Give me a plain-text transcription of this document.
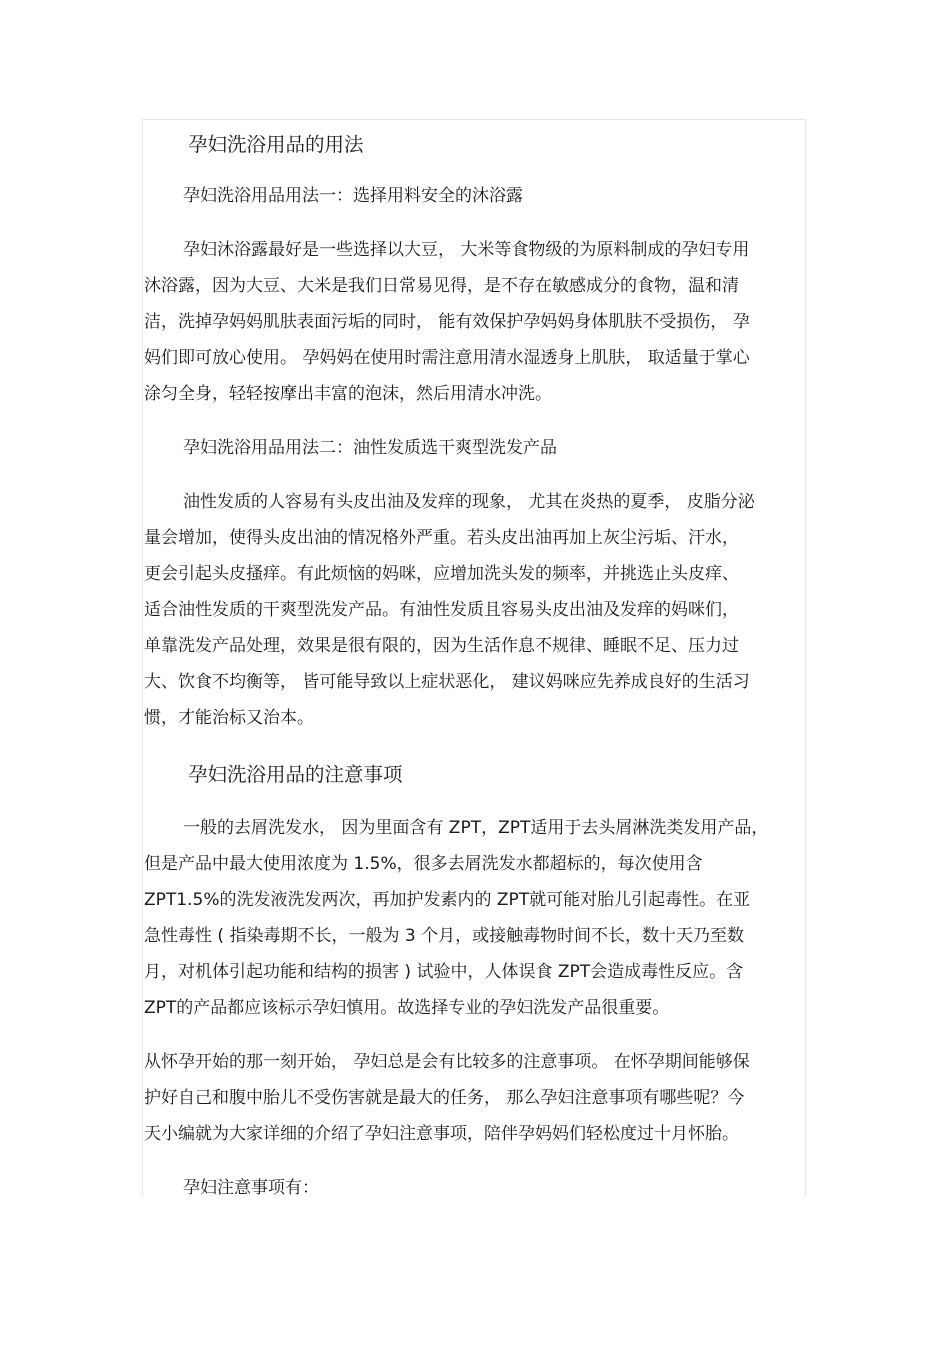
孕妇洗浴用品的用法
孕妇洗浴用品用法一：选择用料安全的沐浴露
孕妇沐浴露最好是一些选择以大豆， 大米等食物级的为原料制成的孕妇专用
沐浴露，因为大豆、大米是我们日常易见得，是不存在敏感成分的食物，温和清
洁，洗掉孕妈妈肌肤表面污垢的同时， 能有效保护孕妈妈身体肌肤不受损伤， 孕
妈们即可放心使用。 孕妈妈在使用时需注意用清水湿透身上肌肤， 取适量于掌心
涂匀全身，轻轻按摩出丰富的泡沫，然后用清水冲洗。
孕妇洗浴用品用法二：油性发质选干爽型洗发产品
油性发质的人容易有头皮出油及发痒的现象， 尤其在炎热的夏季， 皮脂分泌
量会增加，使得头皮出油的情况格外严重。若头皮出油再加上灰尘污垢、汗水，
更会引起头皮搔痒。有此烦恼的妈咪，应增加洗头发的频率，并挑选止头皮痒、
适合油性发质的干爽型洗发产品。有油性发质且容易头皮出油及发痒的妈咪们，
单靠洗发产品处理，效果是很有限的，因为生活作息不规律、睡眠不足、压力过
大、饮食不均衡等， 皆可能导致以上症状恶化， 建议妈咪应先养成良好的生活习
惯，才能治标又治本。
孕妇洗浴用品的注意事项
一般的去屑洗发水， 因为里面含有 ZPT，ZPT适用于去头屑淋洗类发用产品，
但是产品中最大使用浓度为 1.5%，很多去屑洗发水都超标的，每次使用含
ZPT1.5%的洗发液洗发两次，再加护发素内的 ZPT就可能对胎儿引起毒性。在亚
急性毒性 ( 指染毒期不长，一般为 3 个月，或接触毒物时间不长，数十天乃至数
月，对机体引起功能和结构的损害 ) 试验中，人体误食 ZPT会造成毒性反应。含
ZPT的产品都应该标示孕妇慎用。故选择专业的孕妇洗发产品很重要。
从怀孕开始的那一刻开始， 孕妇总是会有比较多的注意事项。 在怀孕期间能够保
护好自己和腹中胎儿不受伤害就是最大的任务， 那么孕妇注意事项有哪些呢？今
天小编就为大家详细的介绍了孕妇注意事项，陪伴孕妈妈们轻松度过十月怀胎。
孕妇注意事项有：
